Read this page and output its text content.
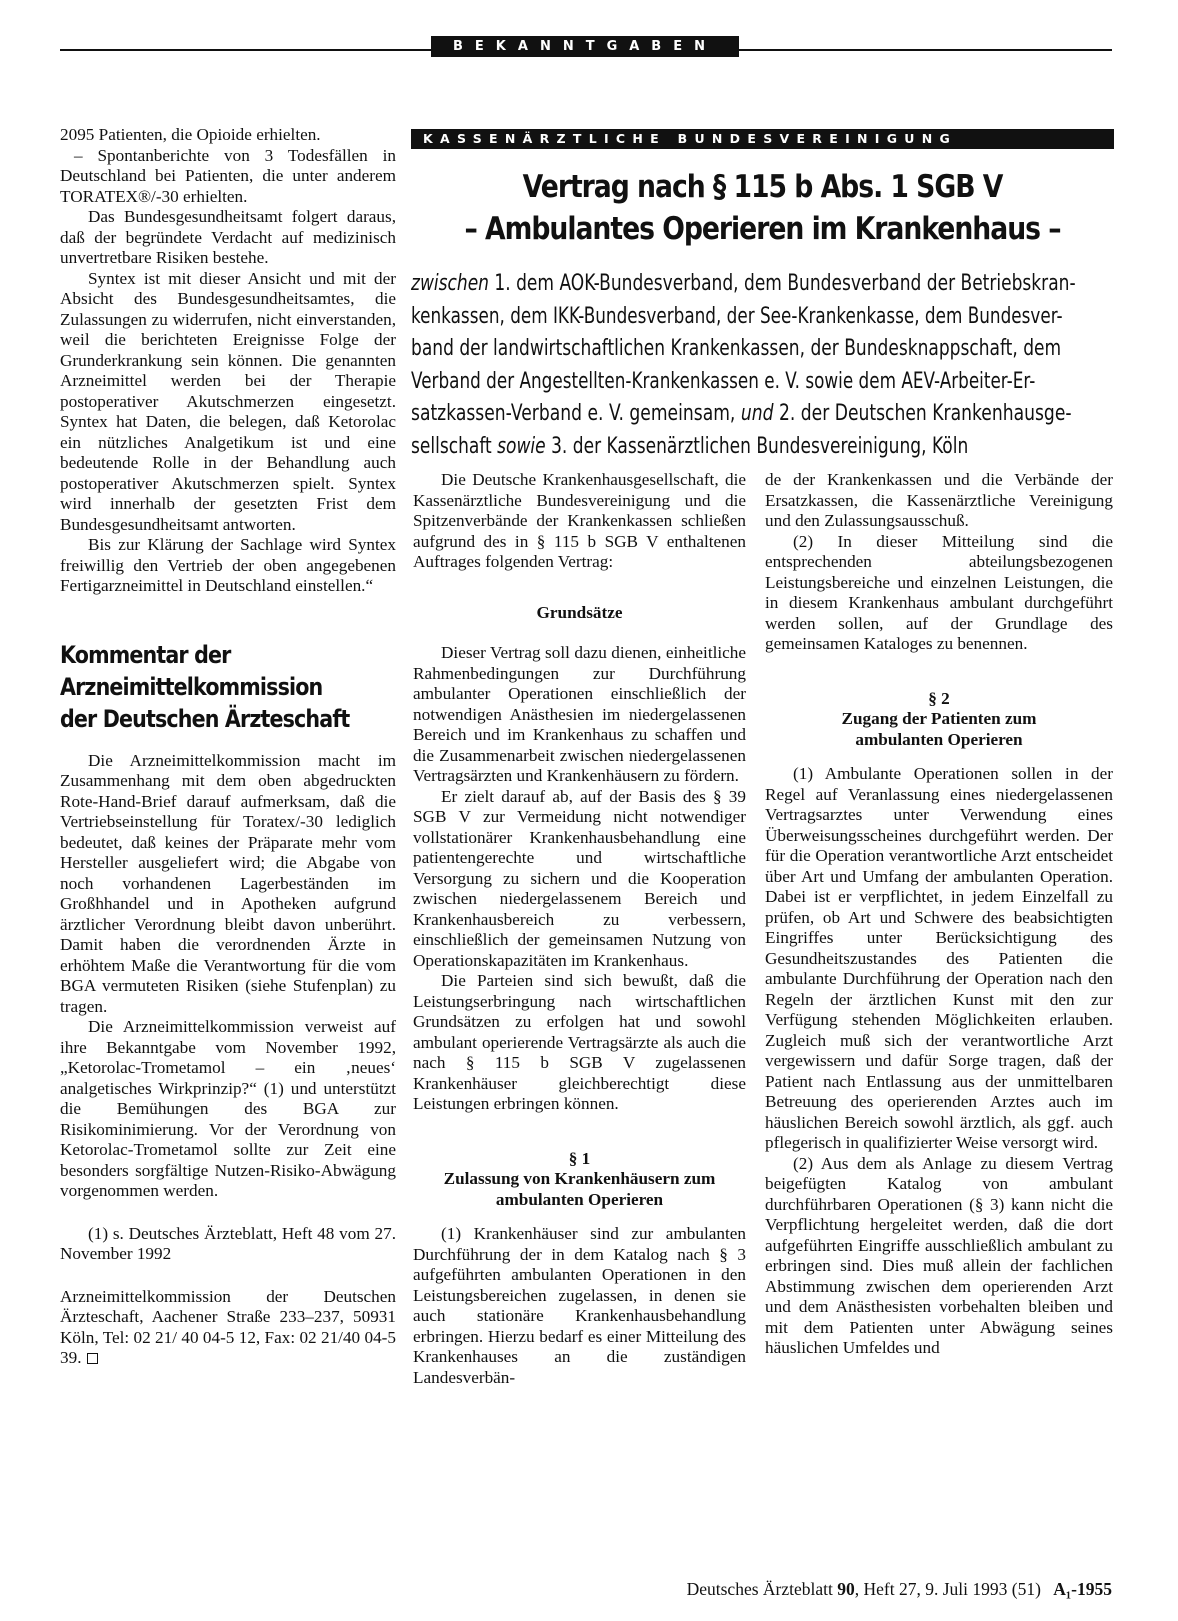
BEKANNTGABEN

2095 Patienten, die Opioide erhielten.

– Spontanberichte von 3 Todesfällen in Deutschland bei Patienten, die unter anderem TORATEX®/-30 erhielten.

Das Bundesgesundheitsamt folgert daraus, daß der begründete Verdacht auf medizinisch unvertretbare Risiken bestehe.

Syntex ist mit dieser Ansicht und mit der Absicht des Bundesgesundheitsamtes, die Zulassungen zu widerrufen, nicht einverstanden, weil die berichteten Ereignisse Folge der Grunderkrankung sein können. Die genannten Arzneimittel werden bei der Therapie postoperativer Akutschmerzen eingesetzt. Syntex hat Daten, die belegen, daß Ketorolac ein nützliches Analgetikum ist und eine bedeutende Rolle in der Behandlung auch postoperativer Akutschmerzen spielt. Syntex wird innerhalb der gesetzten Frist dem Bundesgesundheitsamt antworten.

Bis zur Klärung der Sachlage wird Syntex freiwillig den Vertrieb der oben angegebenen Fertigarzneimittel in Deutschland einstellen.“

Kommentar der
Arzneimittelkommission
der Deutschen Ärzteschaft

Die Arzneimittelkommission macht im Zusammenhang mit dem oben abgedruckten Rote-Hand-Brief darauf aufmerksam, daß die Vertriebseinstellung für Toratex/-30 lediglich bedeutet, daß keines der Präparate mehr vom Hersteller ausgeliefert wird; die Abgabe von noch vorhandenen Lagerbeständen im Großhhandel und in Apotheken aufgrund ärztlicher Verordnung bleibt davon unberührt. Damit haben die verordnenden Ärzte in erhöhtem Maße die Verantwortung für die vom BGA vermuteten Risiken (siehe Stufenplan) zu tragen.

Die Arzneimittelkommission verweist auf ihre Bekanntgabe vom November 1992, „Ketorolac-Trometamol – ein ‚neues‘ analgetisches Wirkprinzip?“ (1) und unterstützt die Bemühungen des BGA zur Risikominimierung. Vor der Verordnung von Ketorolac-Trometamol sollte zur Zeit eine besonders sorgfältige Nutzen-Risiko-Abwägung vorgenommen werden.

(1) s. Deutsches Ärzteblatt, Heft 48 vom 27. November 1992

Arzneimittelkommission der Deutschen Ärzteschaft, Aachener Straße 233–237, 50931 Köln, Tel: 02 21/ 40 04-5 12, Fax: 02 21/40 04-5 39.

KASSENÄRZTLICHE BUNDESVEREINIGUNG
Vertrag nach § 115 b Abs. 1 SGB V
– Ambulantes Operieren im Krankenhaus –
zwischen 1. dem AOK-Bundesverband, dem Bundesverband der Betriebskran-
kenkassen, dem IKK-Bundesverband, der See-Krankenkasse, dem Bundesver-
band der landwirtschaftlichen Krankenkassen, der Bundesknappschaft, dem
Verband der Angestellten-Krankenkassen e. V. sowie dem AEV-Arbeiter-Er-
satzkassen-Verband e. V. gemeinsam, und 2. der Deutschen Krankenhausge-
sellschaft sowie 3. der Kassenärztlichen Bundesvereinigung, Köln

Die Deutsche Krankenhausgesellschaft, die Kassenärztliche Bundesvereinigung und die Spitzenverbände der Krankenkassen schließen aufgrund des in § 115 b SGB V enthaltenen Auftrages folgenden Vertrag:

Grundsätze

Dieser Vertrag soll dazu dienen, einheitliche Rahmenbedingungen zur Durchführung ambulanter Operationen einschließlich der notwendigen Anästhesien im niedergelassenen Bereich und im Krankenhaus zu schaffen und die Zusammenarbeit zwischen niedergelassenen Vertragsärzten und Krankenhäusern zu fördern.

Er zielt darauf ab, auf der Basis des § 39 SGB V zur Vermeidung nicht notwendiger vollstationärer Krankenhausbehandlung eine patientengerechte und wirtschaftliche Versorgung zu sichern und die Kooperation zwischen niedergelassenem Bereich und Krankenhausbereich zu verbessern, einschließlich der gemeinsamen Nutzung von Operationskapazitäten im Krankenhaus.

Die Parteien sind sich bewußt, daß die Leistungserbringung nach wirtschaftlichen Grundsätzen zu erfolgen hat und sowohl ambulant operierende Vertragsärzte als auch die nach § 115 b SGB V zugelassenen Krankenhäuser gleichberechtigt diese Leistungen erbringen können.

§ 1

Zulassung von Krankenhäusern zum ambulanten Operieren

(1) Krankenhäuser sind zur ambulanten Durchführung der in dem Katalog nach § 3 aufgeführten ambulanten Operationen in den Leistungsbereichen zugelassen, in denen sie auch stationäre Krankenhausbehandlung erbringen. Hierzu bedarf es einer Mitteilung des Krankenhauses an die zuständigen Landesverbän-

de der Krankenkassen und die Verbände der Ersatzkassen, die Kassenärztliche Vereinigung und den Zulassungsausschuß.

(2) In dieser Mitteilung sind die entsprechenden abteilungsbezogenen Leistungsbereiche und einzelnen Leistungen, die in diesem Krankenhaus ambulant durchgeführt werden sollen, auf der Grundlage des gemeinsamen Kataloges zu benennen.

§ 2

Zugang der Patienten zum ambulanten Operieren

(1) Ambulante Operationen sollen in der Regel auf Veranlassung eines niedergelassenen Vertragsarztes unter Verwendung eines Überweisungsscheines durchgeführt werden. Der für die Operation verantwortliche Arzt entscheidet über Art und Umfang der ambulanten Operation. Dabei ist er verpflichtet, in jedem Einzelfall zu prüfen, ob Art und Schwere des beabsichtigten Eingriffes unter Berücksichtigung des Gesundheitszustandes des Patienten die ambulante Durchführung der Operation nach den Regeln der ärztlichen Kunst mit den zur Verfügung stehenden Möglichkeiten erlauben. Zugleich muß sich der verantwortliche Arzt vergewissern und dafür Sorge tragen, daß der Patient nach Entlassung aus der unmittelbaren Betreuung des operierenden Arztes auch im häuslichen Bereich sowohl ärztlich, als ggf. auch pflegerisch in qualifizierter Weise versorgt wird.

(2) Aus dem als Anlage zu diesem Vertrag beigefügten Katalog von ambulant durchführbaren Operationen (§ 3) kann nicht die Verpflichtung hergeleitet werden, daß die dort aufgeführten Eingriffe ausschließlich ambulant zu erbringen sind. Dies muß allein der fachlichen Abstimmung zwischen dem operierenden Arzt und dem Anästhesisten vorbehalten bleiben und mit dem Patienten unter Abwägung seines häuslichen Umfeldes und

Deutsches Ärzteblatt 90, Heft 27, 9. Juli 1993 (51) A₁-1955
